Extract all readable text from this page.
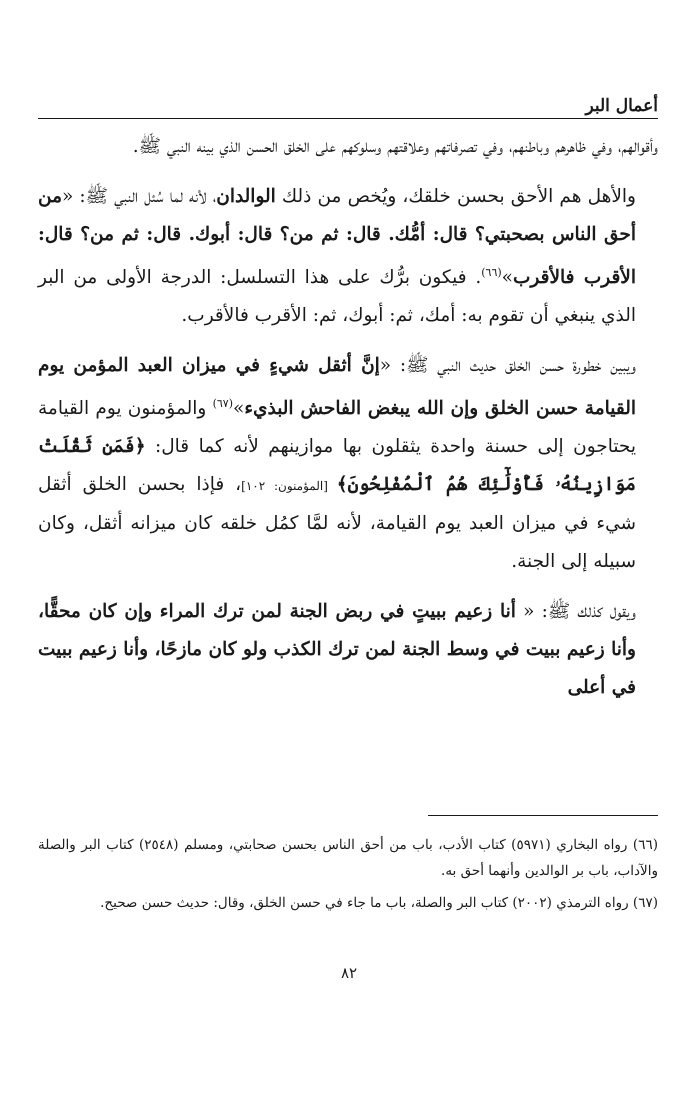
أعمال البر

وأقوالهم، وفي ظاهرهم وباطنهم، وفي تصرفاتهم وعلاقتهم وسلوكهم على الخلق الحسن الذي بينه النبي ﷺ.

والأهل هم الأحق بحسن خلقك، ويُخص من ذلك الوالدان، لأنه لما سُئل النبي ﷺ: «من أحق الناس بصحبتي؟ قال: أمُّك. قال: ثم من؟ قال: أبوك. قال: ثم من؟ قال: الأقرب فالأقرب»$^{(٦٦)}$. فيكون برُّك على هذا التسلسل: الدرجة الأولى من البر الذي ينبغي أن تقوم به: أمك، ثم: أبوك، ثم: الأقرب فالأقرب.

ويبين خطورة حسن الخلق حديث النبي ﷺ: «إنَّ أثقل شيءٍ في ميزان العبد المؤمن يوم القيامة حسن الخلق وإن الله يبغض الفاحش البذيء»$^{(٦٧)}$ والمؤمنون يوم القيامة يحتاجون إلى حسنة واحدة يثقلون بها موازينهم لأنه كما قال: ﴿فَمَن ثَقُلَتْ مَوَازِينُهُۥ فَأُوْلَٰٓئِكَ هُمُ ٱلْمُفْلِحُونَ﴾ [المؤمنون: ١٠٢]، فإذا بحسن الخلق أثقل شيء في ميزان العبد يوم القيامة، لأنه لمَّا كمُل خلقه كان ميزانه أثقل، وكان سبيله إلى الجنة.

ويقول كذلك ﷺ: « أنا زعيم ببيتٍ في ربض الجنة لمن ترك المراء وإن كان محقًّا، وأنا زعيم ببيت في وسط الجنة لمن ترك الكذب ولو كان مازحًا، وأنا زعيم ببيت في أعلى

(٦٦) رواه البخاري (٥٩٧١) كتاب الأدب، باب من أحق الناس بحسن صحابتي، ومسلم (٢٥٤٨) كتاب البر والصلة والآداب، باب بر الوالدين وأنهما أحق به.

(٦٧) رواه الترمذي (٢٠٠٢) كتاب البر والصلة، باب ما جاء في حسن الخلق، وقال: حديث حسن صحيح.

٨٢
